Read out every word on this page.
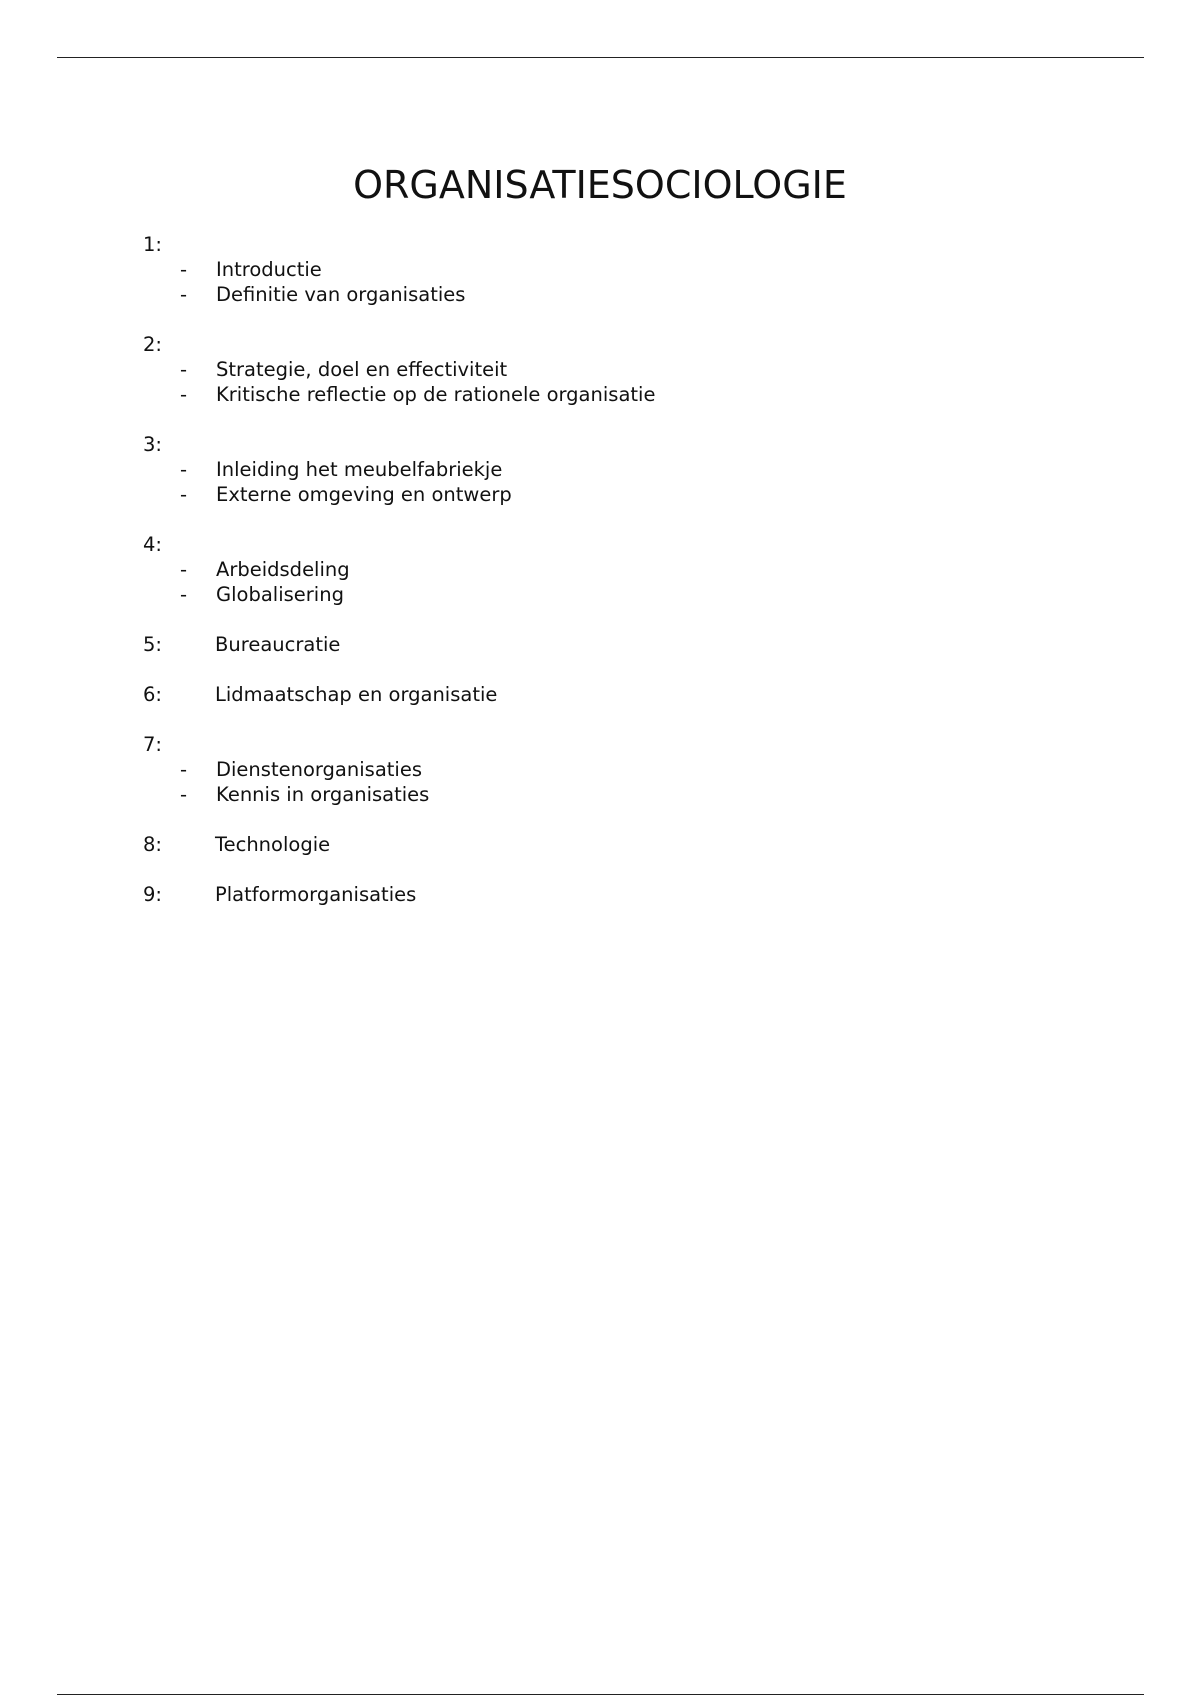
ORGANISATIESOCIOLOGIE
1:
- Introductie
- Definitie van organisaties
2:
- Strategie, doel en effectiviteit
- Kritische reflectie op de rationele organisatie
3:
- Inleiding het meubelfabriekje
- Externe omgeving en ontwerp
4:
- Arbeidsdeling
- Globalisering
5:	Bureaucratie
6:	Lidmaatschap en organisatie
7:
- Dienstenorganisaties
- Kennis in organisaties
8:	Technologie
9:	Platformorganisaties
